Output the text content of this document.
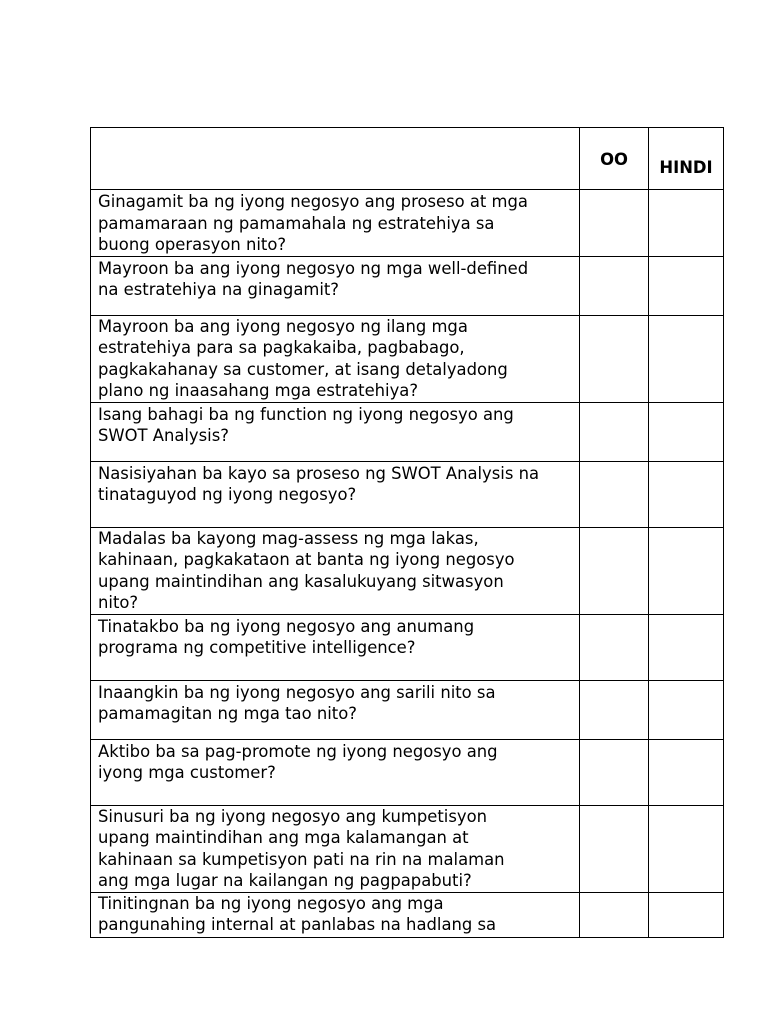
	OO	HINDI

Ginagamit ba ng iyong negosyo ang proseso at mga
pamamaraan ng pamamahala ng estratehiya sa
buong operasyon nito?		

Mayroon ba ang iyong negosyo ng mga well-defined
na estratehiya na ginagamit?		

Mayroon ba ang iyong negosyo ng ilang mga
estratehiya para sa pagkakaiba, pagbabago,
pagkakahanay sa customer, at isang detalyadong
plano ng inaasahang mga estratehiya?		

Isang bahagi ba ng function ng iyong negosyo ang
SWOT Analysis?		

Nasisiyahan ba kayo sa proseso ng SWOT Analysis na
tinataguyod ng iyong negosyo?		

Madalas ba kayong mag-assess ng mga lakas,
kahinaan, pagkakataon at banta ng iyong negosyo
upang maintindihan ang kasalukuyang sitwasyon
nito?		

Tinatakbo ba ng iyong negosyo ang anumang
programa ng competitive intelligence?		

Inaangkin ba ng iyong negosyo ang sarili nito sa
pamamagitan ng mga tao nito?		

Aktibo ba sa pag-promote ng iyong negosyo ang
iyong mga customer?		

Sinusuri ba ng iyong negosyo ang kumpetisyon
upang maintindihan ang mga kalamangan at
kahinaan sa kumpetisyon pati na rin na malaman
ang mga lugar na kailangan ng pagpapabuti?		

Tinitingnan ba ng iyong negosyo ang mga
pangunahing internal at panlabas na hadlang sa		
